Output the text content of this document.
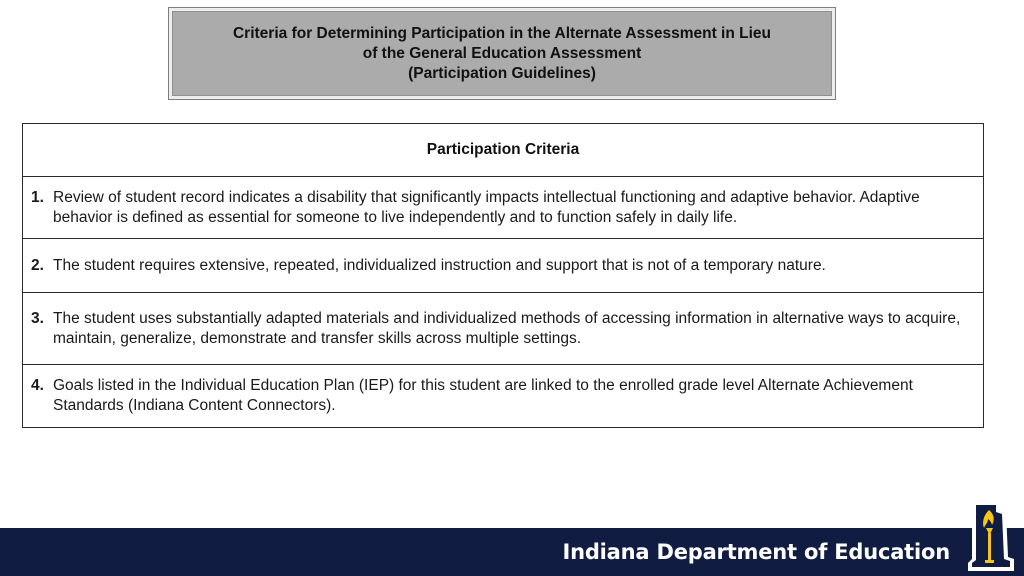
Criteria for Determining Participation in the Alternate Assessment in Lieu
of the General Education Assessment
(Participation Guidelines)
Participation Criteria
1. Review of student record indicates a disability that significantly impacts intellectual functioning and adaptive behavior. Adaptive behavior is defined as essential for someone to live independently and to function safely in daily life.
2. The student requires extensive, repeated, individualized instruction and support that is not of a temporary nature.
3. The student uses substantially adapted materials and individualized methods of accessing information in alternative ways to acquire, maintain, generalize, demonstrate and transfer skills across multiple settings.
4. Goals listed in the Individual Education Plan (IEP) for this student are linked to the enrolled grade level Alternate Achievement Standards (Indiana Content Connectors).
Indiana Department of Education
